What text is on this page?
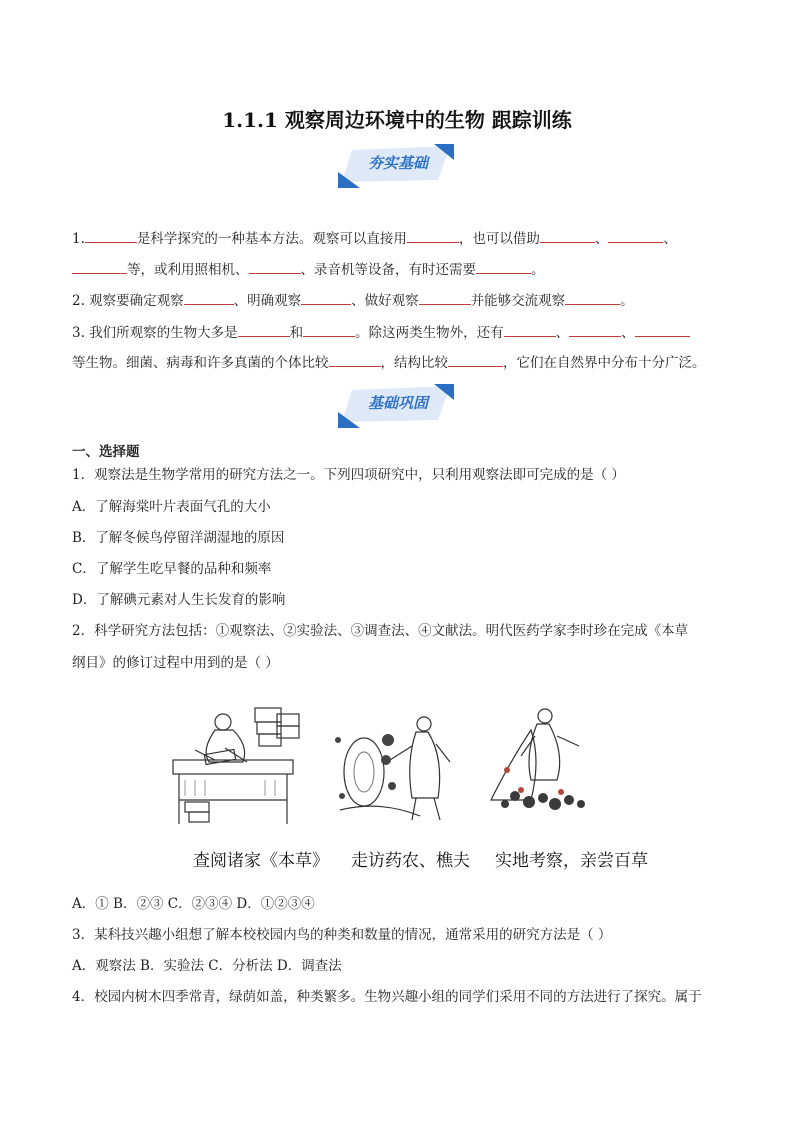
1.1.1 观察周边环境中的生物 跟踪训练
夯实基础
1.	是科学探究的一种基本方法。观察可以直接用	，也可以借助	、	、
等，或利用照相机、	、录音机等设备，有时还需要	。
2. 观察要确定观察	、明确观察	、做好观察	并能够交流观察	。
3. 我们所观察的生物大多是	和	。除这两类生物外，还有	、	、
等生物。细菌、病毒和许多真菌的个体比较	，结构比较	，它们在自然界中分布十分广泛。
基础巩固
一、选择题
1．观察法是生物学常用的研究方法之一。下列四项研究中，只利用观察法即可完成的是（ ）
A．了解海棠叶片表面气孔的大小
B．了解冬候鸟停留洋湖湿地的原因
C．了解学生吃早餐的品种和频率
D．了解碘元素对人生长发育的影响
2．科学研究方法包括：①观察法、②实验法、③调查法、④文献法。明代医药学家李时珍在完成《本草
纲目》的修订过程中用到的是（ ）
查阅诸家《本草》 走访药农、樵夫 实地考察，亲尝百草
A．① B．②③ C．②③④ D．①②③④
3．某科技兴趣小组想了解本校校园内鸟的种类和数量的情况，通常采用的研究方法是（ ）
A．观察法 B．实验法 C．分析法 D．调查法
4．校园内树木四季常青，绿荫如盖，种类繁多。生物兴趣小组的同学们采用不同的方法进行了探究。属于
